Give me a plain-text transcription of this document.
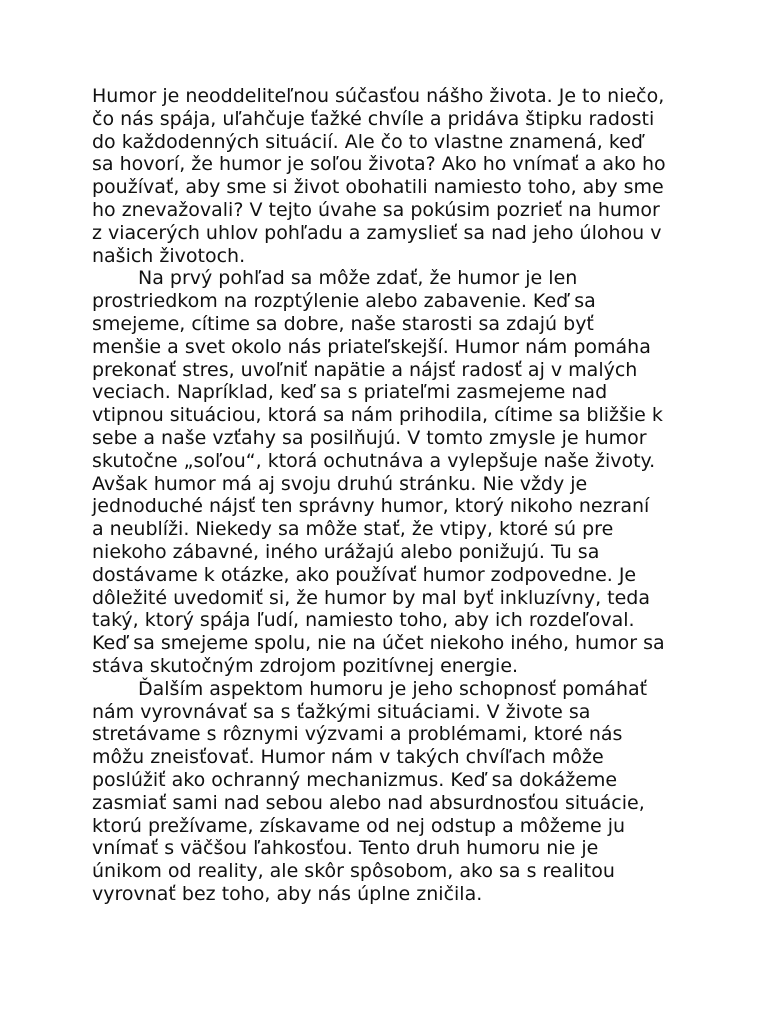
Humor je neoddeliteľnou súčasťou nášho života. Je to niečo,
čo nás spája, uľahčuje ťažké chvíle a pridáva štipku radosti
do každodenných situácií. Ale čo to vlastne znamená, keď
sa hovorí, že humor je soľou života? Ako ho vnímať a ako ho
používať, aby sme si život obohatili namiesto toho, aby sme
ho znevažovali? V tejto úvahe sa pokúsim pozrieť na humor
z viacerých uhlov pohľadu a zamyslieť sa nad jeho úlohou v
našich životoch.
Na prvý pohľad sa môže zdať, že humor je len
prostriedkom na rozptýlenie alebo zabavenie. Keď sa
smejeme, cítime sa dobre, naše starosti sa zdajú byť
menšie a svet okolo nás priateľskejší. Humor nám pomáha
prekonať stres, uvoľniť napätie a nájsť radosť aj v malých
veciach. Napríklad, keď sa s priateľmi zasmejeme nad
vtipnou situáciou, ktorá sa nám prihodila, cítime sa bližšie k
sebe a naše vzťahy sa posilňujú. V tomto zmysle je humor
skutočne „soľou“, ktorá ochutnáva a vylepšuje naše životy.
Avšak humor má aj svoju druhú stránku. Nie vždy je
jednoduché nájsť ten správny humor, ktorý nikoho nezraní
a neublíži. Niekedy sa môže stať, že vtipy, ktoré sú pre
niekoho zábavné, iného urážajú alebo ponižujú. Tu sa
dostávame k otázke, ako používať humor zodpovedne. Je
dôležité uvedomiť si, že humor by mal byť inkluzívny, teda
taký, ktorý spája ľudí, namiesto toho, aby ich rozdeľoval.
Keď sa smejeme spolu, nie na účet niekoho iného, humor sa
stáva skutočným zdrojom pozitívnej energie.
Ďalším aspektom humoru je jeho schopnosť pomáhať
nám vyrovnávať sa s ťažkými situáciami. V živote sa
stretávame s rôznymi výzvami a problémami, ktoré nás
môžu zneisťovať. Humor nám v takých chvíľach môže
poslúžiť ako ochranný mechanizmus. Keď sa dokážeme
zasmiať sami nad sebou alebo nad absurdnosťou situácie,
ktorú prežívame, získavame od nej odstup a môžeme ju
vnímať s väčšou ľahkosťou. Tento druh humoru nie je
únikom od reality, ale skôr spôsobom, ako sa s realitou
vyrovnať bez toho, aby nás úplne zničila.
